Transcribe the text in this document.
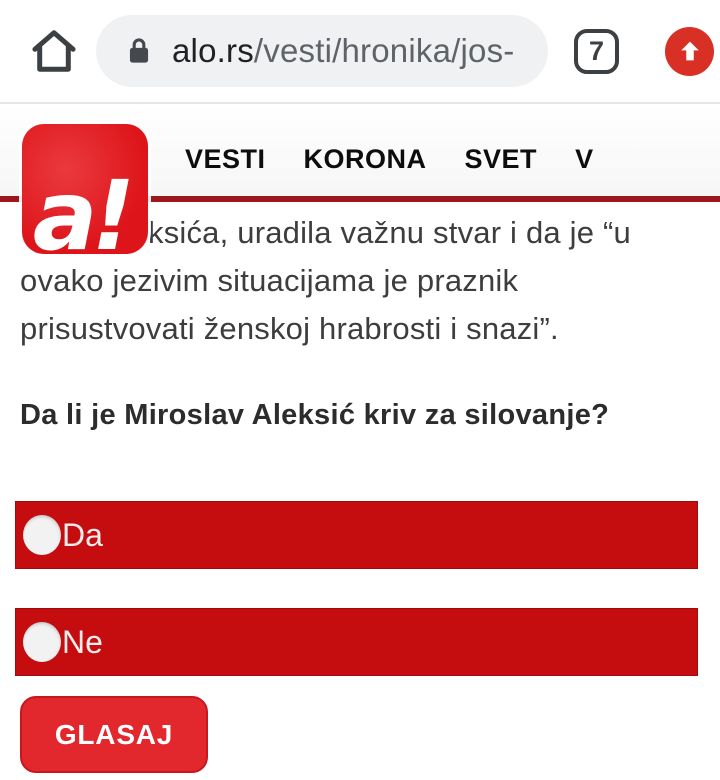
alo.rs/vesti/hronika/jos-	7
VESTI KORONA SVET V
a! ksića, uradila važnu stvar i da je “u
ovako jezivim situacijama je praznik
prisustvovati ženskoj hrabrosti i snazi”.
Da li je Miroslav Aleksić kriv za silovanje?
Da
Ne
GLASAJ
